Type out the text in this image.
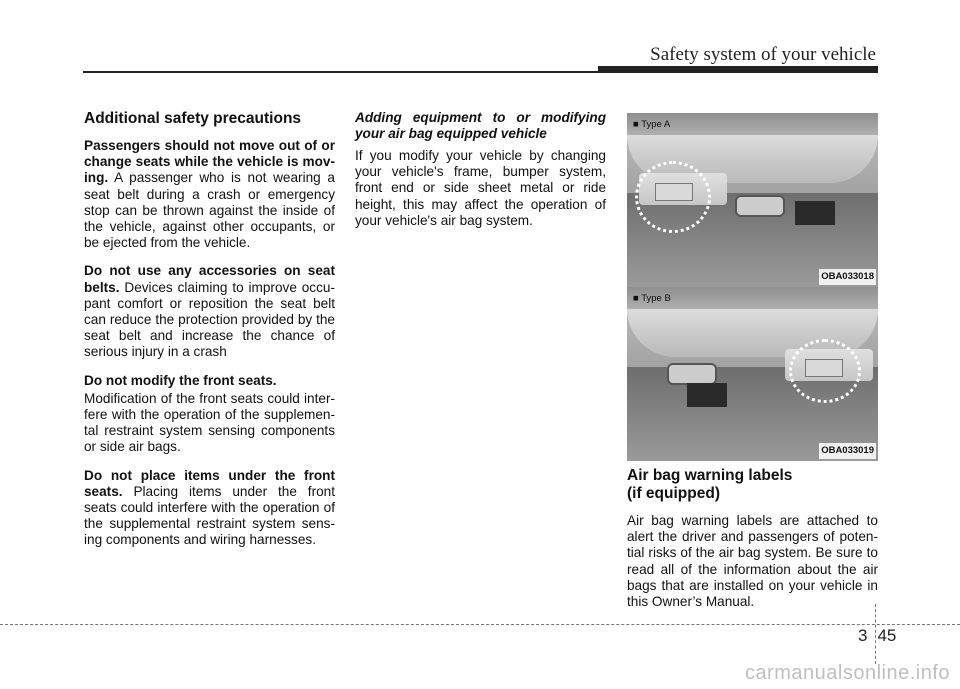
Safety system of your vehicle
Additional safety precautions

Passengers should not move out of or change seats while the vehicle is mov-ing. A passenger who is not wearing a seat belt during a crash or emergency stop can be thrown against the inside of the vehicle, against other occupants, or be ejected from the vehicle.

Do not use any accessories on seat belts. Devices claiming to improve occu-pant comfort or reposition the seat belt can reduce the protection provided by the seat belt and increase the chance of serious injury in a crash

Do not modify the front seats.

Modification of the front seats could inter-fere with the operation of the supplemen-tal restraint system sensing components or side air bags.

Do not place items under the front seats. Placing items under the front seats could interfere with the operation of the supplemental restraint system sens-ing components and wiring harnesses.

Adding equipment to or modifying your air bag equipped vehicle

If you modify your vehicle by changing your vehicle's frame, bumper system, front end or side sheet metal or ride height, this may affect the operation of your vehicle's air bag system.

■ Type A
OBA033018
■ Type B
OBA033019
Air bag warning labels
(if equipped)

Air bag warning labels are attached to alert the driver and passengers of poten-tial risks of the air bag system. Be sure to read all of the information about the air bags that are installed on your vehicle in this Owner’s Manual.

3 45
carmanualsonline.info
